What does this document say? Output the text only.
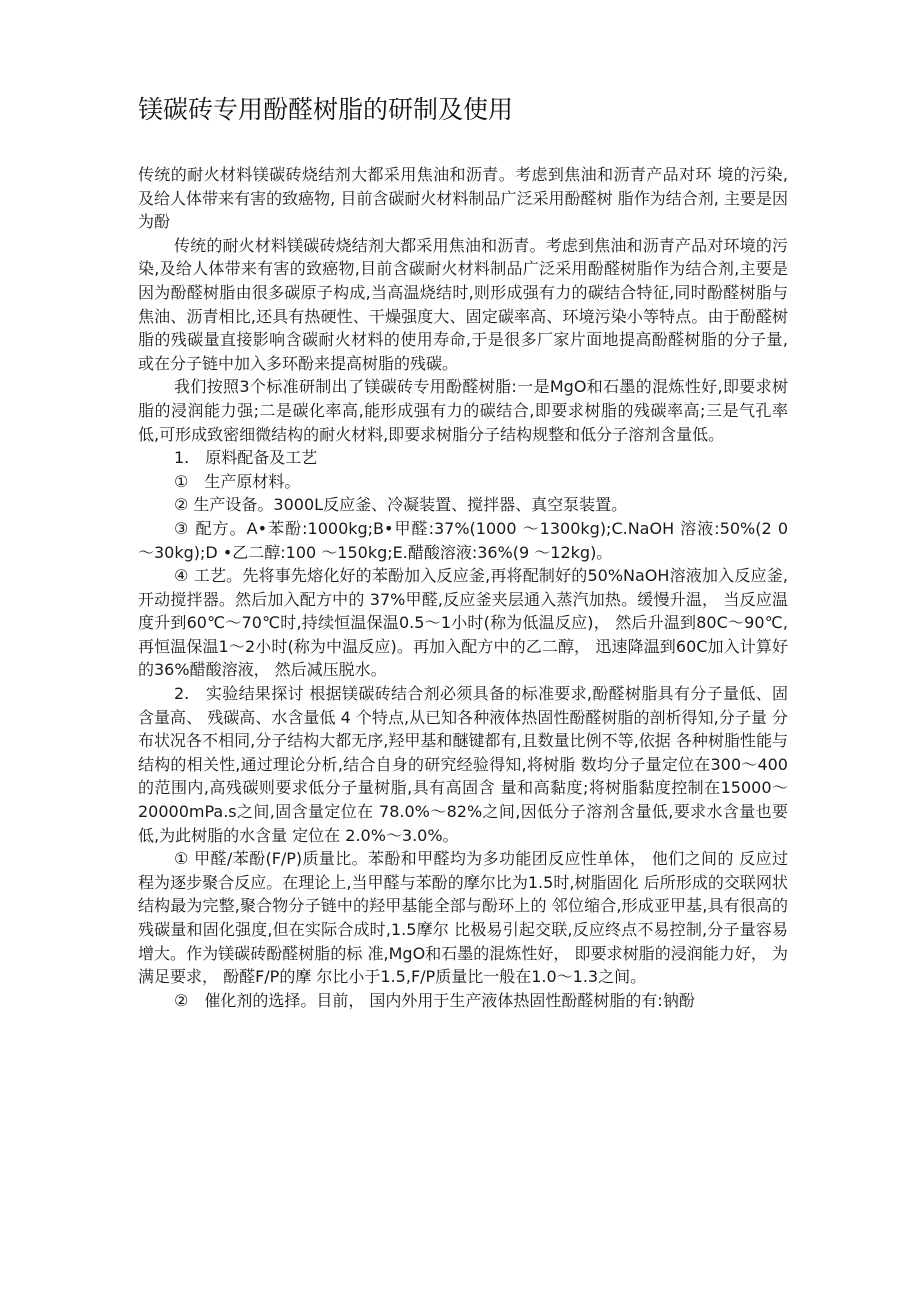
镁碳砖专用酚醛树脂的研制及使用

传统的耐火材料镁碳砖烧结剂大都采用焦油和沥青。考虑到焦油和沥青产品对环 境的污染, 及给人体带来有害的致癌物, 目前含碳耐火材料制品广泛采用酚醛树 脂作为结合剂, 主要是因为酚

传统的耐火材料镁碳砖烧结剂大都采用焦油和沥青。考虑到焦油和沥青产品对环境的污染,及给人体带来有害的致癌物,目前含碳耐火材料制品广泛采用酚醛树脂作为结合剂,主要是因为酚醛树脂由很多碳原子构成,当高温烧结时,则形成强有力的碳结合特征,同时酚醛树脂与焦油、沥青相比,还具有热硬性、干燥强度大、固定碳率高、环境污染小等特点。由于酚醛树脂的残碳量直接影响含碳耐火材料的使用寿命,于是很多厂家片面地提高酚醛树脂的分子量,或在分子链中加入多环酚来提高树脂的残碳。

我们按照3个标准研制出了镁碳砖专用酚醛树脂:一是MgO和石墨的混炼性好,即要求树脂的浸润能力强;二是碳化率高,能形成强有力的碳结合,即要求树脂的残碳率高;三是气孔率低,可形成致密细微结构的耐火材料,即要求树脂分子结构规整和低分子溶剂含量低。

1.　原料配备及工艺

①　生产原材料。

② 生产设备。3000L反应釜、冷凝装置、搅拌器、真空泵装置。

③ 配方。A•苯酚:1000kg;B•甲醛:37%(1000 ～1300kg);C.NaOH 溶液:50%(2 0 ～30kg);D •乙二醇:100 ～150kg;E.醋酸溶液:36%(9 ～12kg)。

④ 工艺。先将事先熔化好的苯酚加入反应釜,再将配制好的50%NaOH溶液加入反应釜,开动搅拌器。然后加入配方中的 37%甲醛,反应釜夹层通入蒸汽加热。缓慢升温， 当反应温度升到60℃～70℃时,持续恒温保温0.5～1小时(称为低温反应)， 然后升温到80C～90℃,再恒温保温1～2小时(称为中温反应)。再加入配方中的乙二醇， 迅速降温到60C加入计算好的36%醋酸溶液， 然后减压脱水。

2.　实验结果探讨 根据镁碳砖结合剂必须具备的标准要求,酚醛树脂具有分子量低、固含量高、 残碳高、水含量低 4 个特点,从已知各种液体热固性酚醛树脂的剖析得知,分子量 分布状况各不相同,分子结构大都无序,羟甲基和醚键都有,且数量比例不等,依据 各种树脂性能与结构的相关性,通过理论分析,结合自身的研究经验得知,将树脂 数均分子量定位在300～400的范围内,高残碳则要求低分子量树脂,具有高固含 量和高黏度;将树脂黏度控制在15000～20000mPa.s之间,固含量定位在 78.0%～82%之间,因低分子溶剂含量低,要求水含量也要低,为此树脂的水含量 定位在 2.0%～3.0%。

① 甲醛/苯酚(F/P)质量比。苯酚和甲醛均为多功能团反应性单体， 他们之间的 反应过程为逐步聚合反应。在理论上,当甲醛与苯酚的摩尔比为1.5时,树脂固化 后所形成的交联网状结构最为完整,聚合物分子链中的羟甲基能全部与酚环上的 邻位缩合,形成亚甲基,具有很高的残碳量和固化强度,但在实际合成时,1.5摩尔 比极易引起交联,反应终点不易控制,分子量容易增大。作为镁碳砖酚醛树脂的标 准,MgO和石墨的混炼性好， 即要求树脂的浸润能力好， 为满足要求， 酚醛F/P的摩 尔比小于1.5,F/P质量比一般在1.0～1.3之间。

②　催化剂的选择。目前， 国内外用于生产液体热固性酚醛树脂的有:钠酚
